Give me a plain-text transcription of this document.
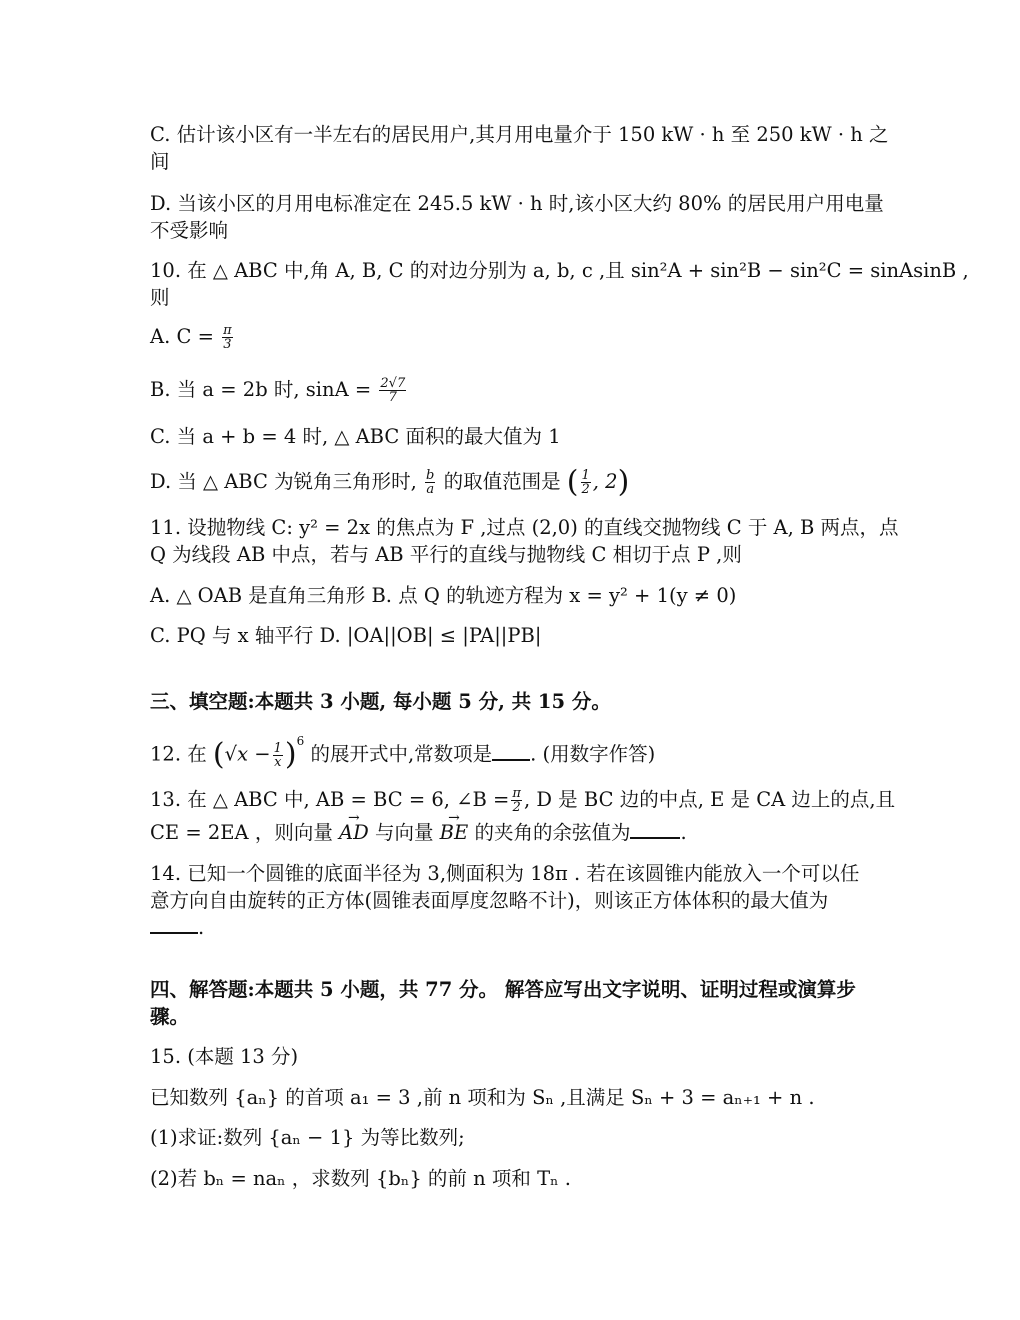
C. 估计该小区有一半左右的居民用户,其月用电量介于 150 kW · h 至 250 kW · h 之
间
D. 当该小区的月用电标准定在 245.5 kW · h 时,该小区大约 80% 的居民用户用电量
不受影响
10. 在 △ ABC 中,角 A, B, C 的对边分别为 a, b, c ,且 sin²A + sin²B − sin²C = sinAsinB ,
则
A. $C = \frac{\pi}{3}$
B. 当 a = 2b 时, $\sin A = \frac{2√7}{7}$
C. 当 a + b = 4 时, △ ABC 面积的最大值为 1
D. 当 △ ABC 为锐角三角形时, $\frac{b}{a}$ 的取值范围是 ( $\frac{1}{2}$ , 2)
11. 设抛物线 C: y² = 2x 的焦点为 F ,过点 (2,0) 的直线交抛物线 C 于 A, B 两点，点
Q 为线段 AB 中点，若与 AB 平行的直线与抛物线 C 相切于点 P ,则
A. △ OAB 是直角三角形 B. 点 Q 的轨迹方程为 x = y² + 1(y ≠ 0)
C. PQ 与 x 轴平行 D. |OA||OB| ≤ |PA||PB|
三、填空题:本题共 3 小题, 每小题 5 分, 共 15 分。
12. 在 $(√x - \frac{1}{x} )^6$ 的展开式中,常数项是 . (用数字作答)
13. 在 △ ABC 中, AB = BC = 6, ∠B = $\frac{\pi}{2}$ , D 是 BC 边的中点, E 是 CA 边上的点,且
CE = 2EA ，则向量 → AD 与向量 → BE 的夹角的余弦值为	.
14. 已知一个圆锥的底面半径为 3,侧面积为 18π . 若在该圆锥内能放入一个可以任
意方向自由旋转的正方体(圆锥表面厚度忽略不计)，则该正方体体积的最大值为
.
四、解答题:本题共 5 小题，共 77 分。 解答应写出文字说明、证明过程或演算步
骤。
15. (本题 13 分)
已知数列 {aₙ} 的首项 a₁ = 3 ,前 n 项和为 Sₙ ,且满足 Sₙ + 3 = aₙ₊₁ + n .
(1)求证:数列 {aₙ − 1} 为等比数列;
(2)若 bₙ = naₙ ，求数列 {bₙ} 的前 n 项和 Tₙ .
